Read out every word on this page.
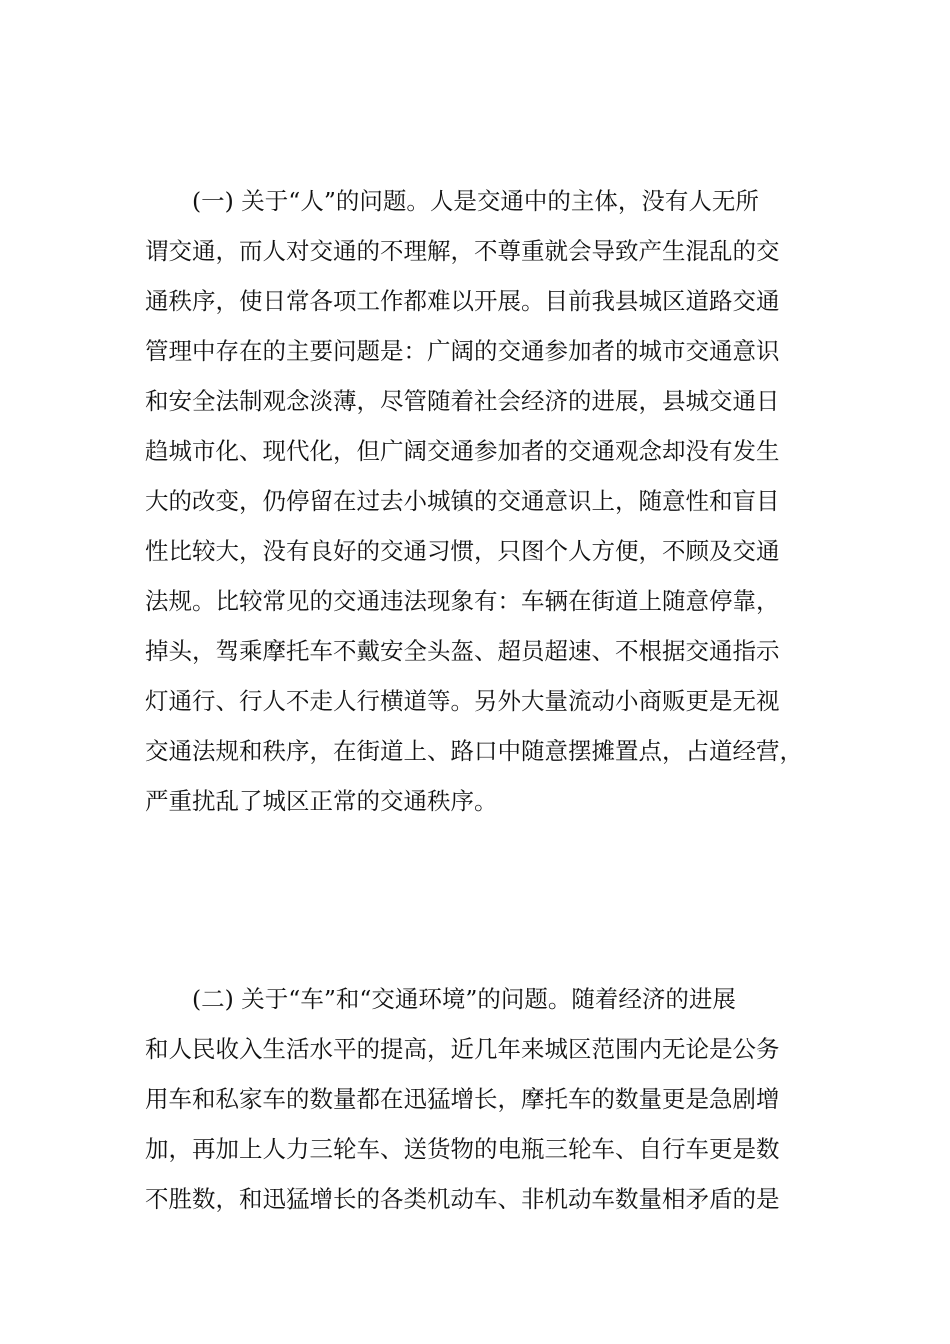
(一) 关于“人”的问题。人是交通中的主体，没有人无所
谓交通，而人对交通的不理解，不尊重就会导致产生混乱的交
通秩序，使日常各项工作都难以开展。目前我县城区道路交通
管理中存在的主要问题是：广阔的交通参加者的城市交通意识
和安全法制观念淡薄，尽管随着社会经济的进展，县城交通日
趋城市化、现代化，但广阔交通参加者的交通观念却没有发生
大的改变，仍停留在过去小城镇的交通意识上，随意性和盲目
性比较大，没有良好的交通习惯，只图个人方便，不顾及交通
法规。比较常见的交通违法现象有：车辆在街道上随意停靠，
掉头，驾乘摩托车不戴安全头盔、超员超速、不根据交通指示
灯通行、行人不走人行横道等。另外大量流动小商贩更是无视
交通法规和秩序，在街道上、路口中随意摆摊置点，占道经营，
严重扰乱了城区正常的交通秩序。

(二) 关于“车”和“交通环境”的问题。随着经济的进展
和人民收入生活水平的提高，近几年来城区范围内无论是公务
用车和私家车的数量都在迅猛增长，摩托车的数量更是急剧增
加，再加上人力三轮车、送货物的电瓶三轮车、自行车更是数
不胜数，和迅猛增长的各类机动车、非机动车数量相矛盾的是
